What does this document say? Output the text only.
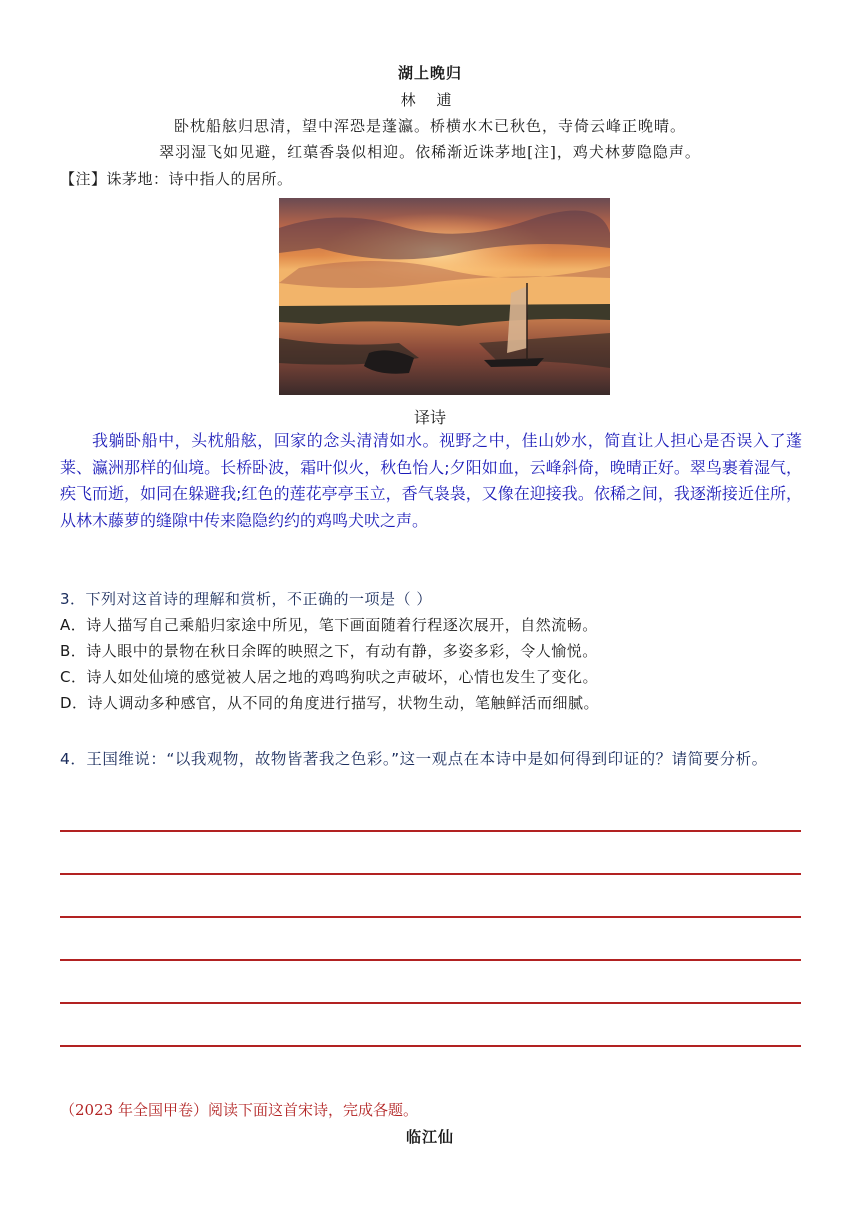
湖上晚归
林 逋
卧枕船舷归思清，望中浑恐是蓬瀛。桥横水木已秋色，寺倚云峰正晚晴。
翠羽湿飞如见避，红蕖香袅似相迎。依稀渐近诛茅地[注]，鸡犬林萝隐隐声。
【注】诛茅地：诗中指人的居所。
译诗
我躺卧船中，头枕船舷，回家的念头清清如水。视野之中，佳山妙水，简直让人担心是否误入了蓬莱、瀛洲那样的仙境。长桥卧波，霜叶似火，秋色怡人;夕阳如血，云峰斜倚，晚晴正好。翠鸟裹着湿气，疾飞而逝，如同在躲避我;红色的莲花亭亭玉立，香气袅袅，又像在迎接我。依稀之间，我逐渐接近住所，从林木藤萝的缝隙中传来隐隐约约的鸡鸣犬吠之声。
3．下列对这首诗的理解和赏析，不正确的一项是（ ）
A．诗人描写自己乘船归家途中所见，笔下画面随着行程逐次展开，自然流畅。
B．诗人眼中的景物在秋日余晖的映照之下，有动有静，多姿多彩，令人愉悦。
C．诗人如处仙境的感觉被人居之地的鸡鸣狗吠之声破坏，心情也发生了变化。
D．诗人调动多种感官，从不同的角度进行描写，状物生动，笔触鲜活而细腻。
4．王国维说：“以我观物，故物皆著我之色彩。”这一观点在本诗中是如何得到印证的？请简要分析。
（2023 年全国甲卷）阅读下面这首宋诗，完成各题。
临江仙
